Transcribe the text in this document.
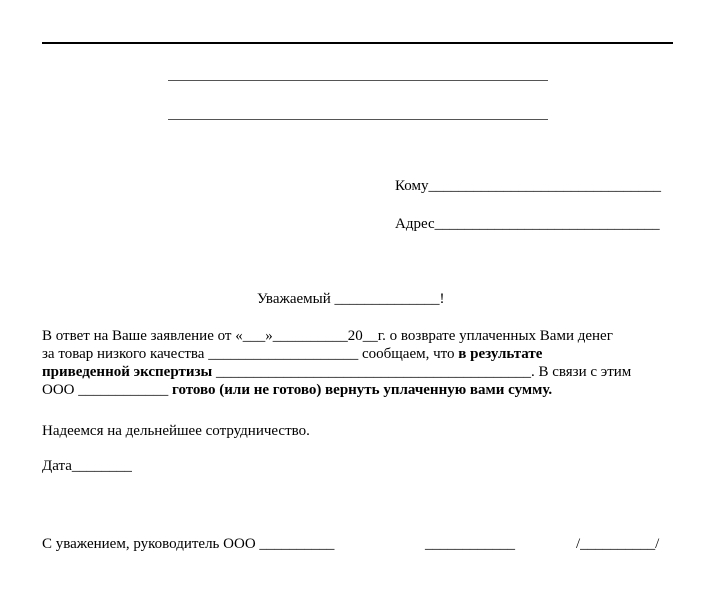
Кому_______________________________
Адрес______________________________
Уважаемый ______________!
В ответ на Ваше заявление от «___»__________20__г. о возврате уплаченных Вами денег
за товар низкого качества ____________________ сообщаем, что в результате
приведенной экспертизы __________________________________________. В связи с этим
ООО ____________ готово (или не готово) вернуть уплаченную вами сумму.
Надеемся на дельнейшее сотрудничество.
Дата________
С уважением, руководитель ООО __________	____________	/__________/
